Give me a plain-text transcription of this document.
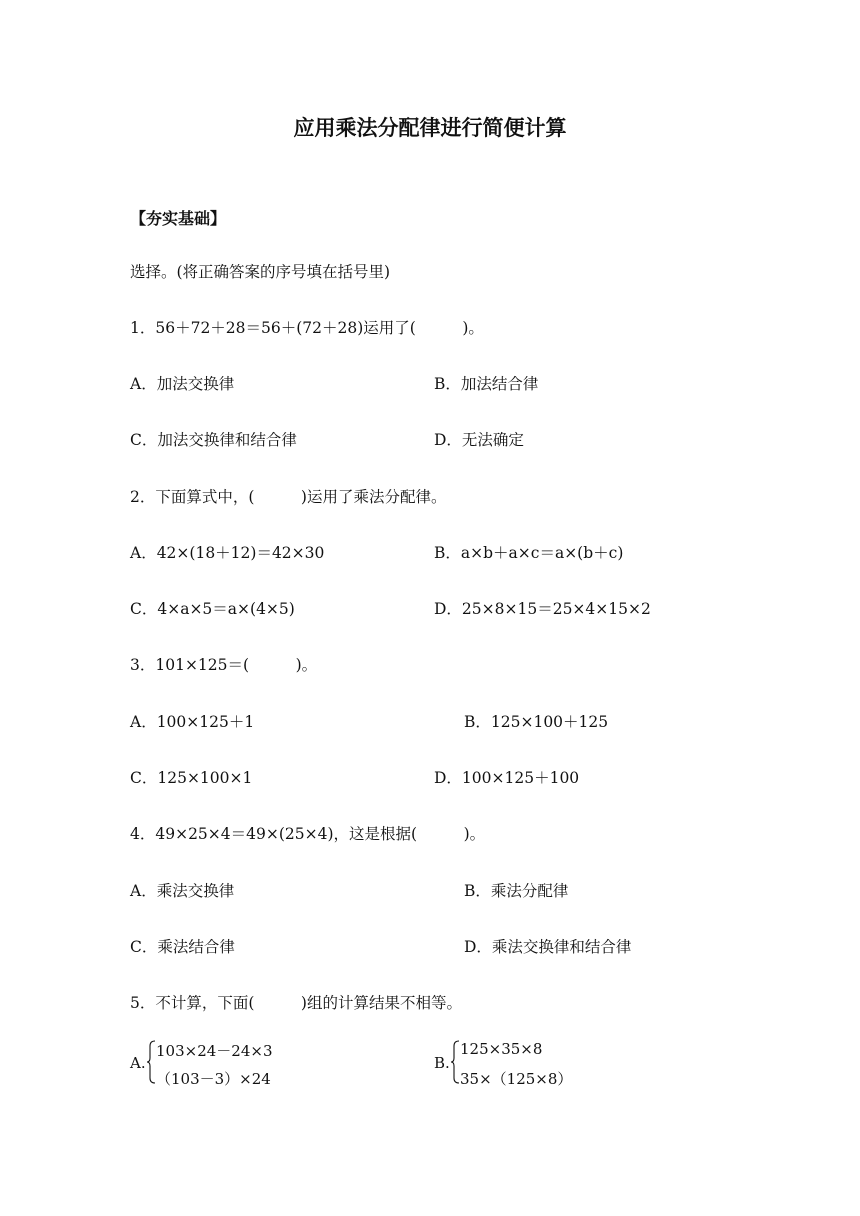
应用乘法分配律进行简便计算
【夯实基础】
选择。(将正确答案的序号填在括号里)
1．56＋72＋28＝56＋(72＋28)运用了(　　　)。
A．加法交换律	B．加法结合律
C．加法交换律和结合律	D．无法确定
2．下面算式中，(　　　)运用了乘法分配律。
A．42×(18＋12)＝42×30	B．a×b＋a×c＝a×(b＋c)
C．4×a×5＝a×(4×5)	D．25×8×15＝25×4×15×2
3．101×125＝(　　　)。
A．100×125＋1	B．125×100＋125
C．125×100×1	D．100×125＋100
4．49×25×4＝49×(25×4)，这是根据(　　　)。
A．乘法交换律	B．乘法分配律
C．乘法结合律	D．乘法交换律和结合律
5．不计算，下面(　　　)组的计算结果不相等。
A.
103×24－24×3
（103－3）×24
B.
125×35×8
35×（125×8）
